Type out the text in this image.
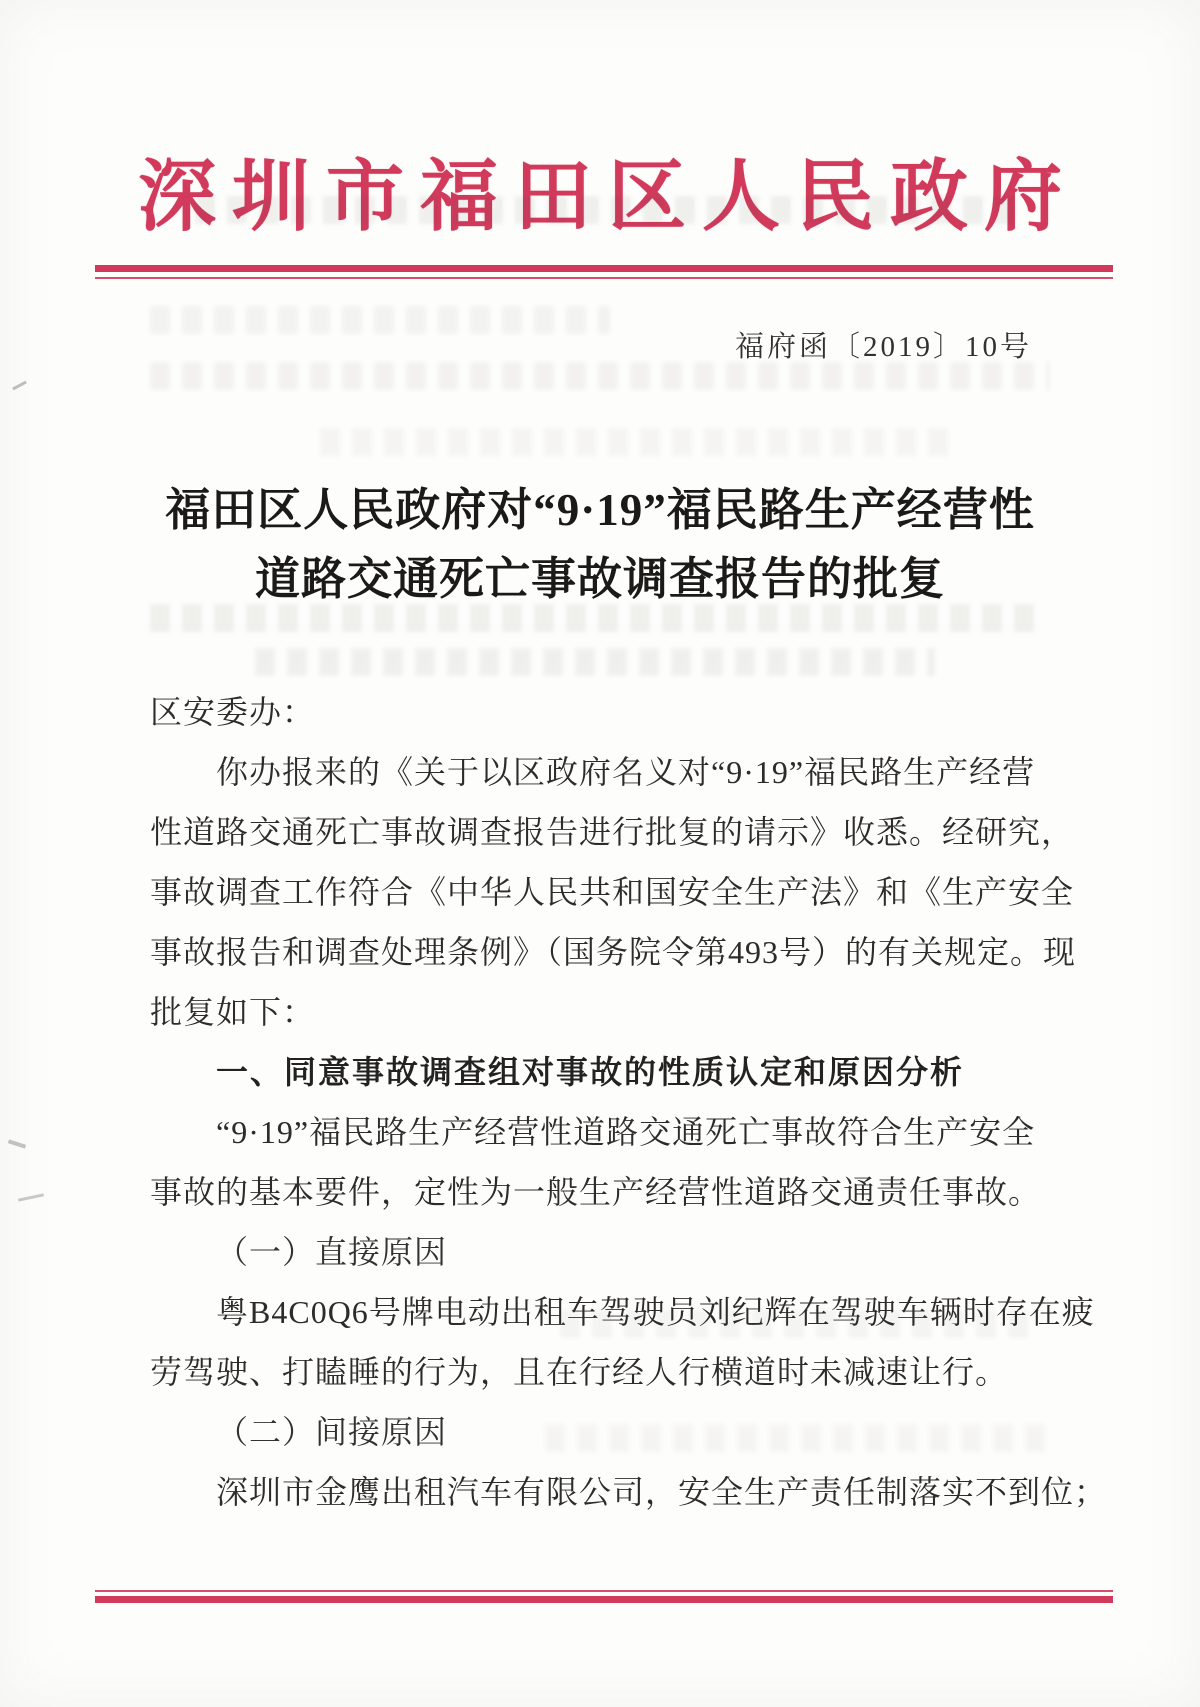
深圳市福田区人民政府
福府函〔2019〕10号
福田区人民政府对“9·19”福民路生产经营性
道路交通死亡事故调查报告的批复
区安委办：
你办报来的《关于以区政府名义对“9·19”福民路生产经营
性道路交通死亡事故调查报告进行批复的请示》收悉。经研究，
事故调查工作符合《中华人民共和国安全生产法》和《生产安全
事故报告和调查处理条例》（国务院令第493号）的有关规定。现
批复如下：
一、同意事故调查组对事故的性质认定和原因分析
“9·19”福民路生产经营性道路交通死亡事故符合生产安全
事故的基本要件，定性为一般生产经营性道路交通责任事故。
（一）直接原因
粤B4C0Q6号牌电动出租车驾驶员刘纪辉在驾驶车辆时存在疲
劳驾驶、打瞌睡的行为，且在行经人行横道时未减速让行。
（二）间接原因
深圳市金鹰出租汽车有限公司，安全生产责任制落实不到位；
